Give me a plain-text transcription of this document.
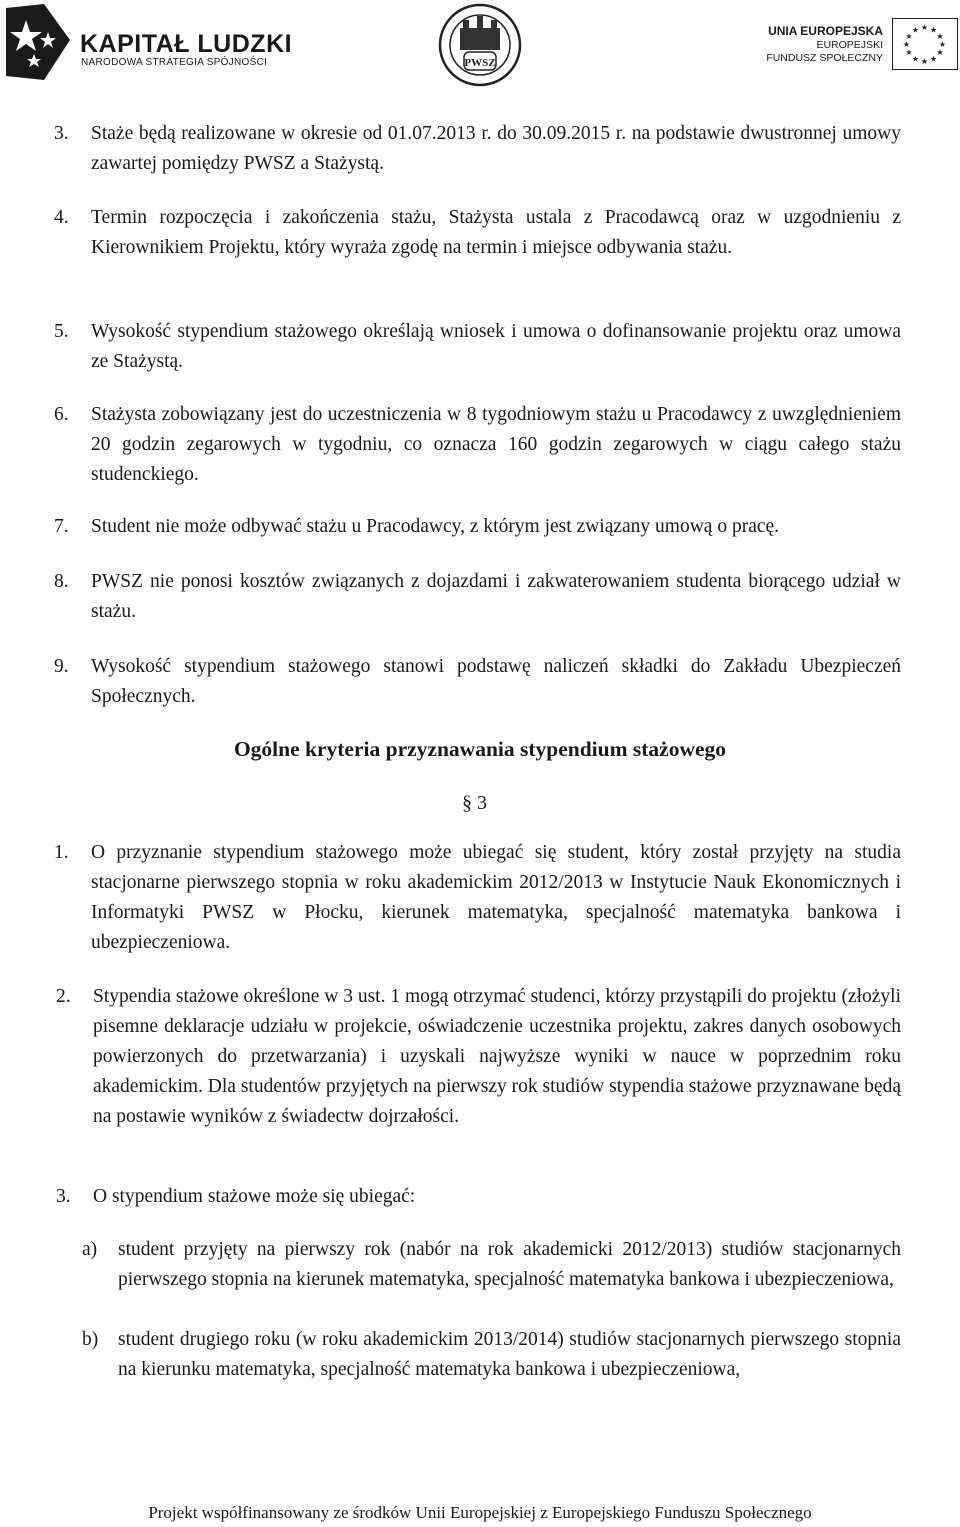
KAPITAŁ LUDZKI
NARODOWA STRATEGIA SPÓJNOŚCI	PWSZ
UNIA EUROPEJSKA
EUROPEJSKI
FUNDUSZ SPOŁECZNY
★ ★
★
★
★
★
★
★
★
★
★
★
3. Staże będą realizowane w okresie od 01.07.2013 r. do 30.09.2015 r. na podstawie dwustronnej umowy zawartej pomiędzy PWSZ a Stażystą.
4. Termin rozpoczęcia i zakończenia stażu, Stażysta ustala z Pracodawcą oraz w uzgodnieniu z Kierownikiem Projektu, który wyraża zgodę na termin i miejsce odbywania stażu.
5. Wysokość stypendium stażowego określają wniosek i umowa o dofinansowanie projektu oraz umowa ze Stażystą.
6. Stażysta zobowiązany jest do uczestniczenia w 8 tygodniowym stażu u Pracodawcy z uwzględnieniem 20 godzin zegarowych w tygodniu, co oznacza 160 godzin zegarowych w ciągu całego stażu studenckiego.
7. Student nie może odbywać stażu u Pracodawcy, z którym jest związany umową o pracę.
8. PWSZ nie ponosi kosztów związanych z dojazdami i zakwaterowaniem studenta biorącego udział w stażu.
9. Wysokość stypendium stażowego stanowi podstawę naliczeń składki do Zakładu Ubezpieczeń Społecznych.
Ogólne kryteria przyznawania stypendium stażowego
§ 3
1. O przyznanie stypendium stażowego może ubiegać się student, który został przyjęty na studia stacjonarne pierwszego stopnia w roku akademickim 2012/2013 w Instytucie Nauk Ekonomicznych i Informatyki PWSZ w Płocku, kierunek matematyka, specjalność matematyka bankowa i ubezpieczeniowa.
2. Stypendia stażowe określone w 3 ust. 1 mogą otrzymać studenci, którzy przystąpili do projektu (złożyli pisemne deklaracje udziału w projekcie, oświadczenie uczestnika projektu, zakres danych osobowych powierzonych do przetwarzania) i uzyskali najwyższe wyniki w nauce w poprzednim roku akademickim. Dla studentów przyjętych na pierwszy rok studiów stypendia stażowe przyznawane będą na postawie wyników z świadectw dojrzałości.
3. O stypendium stażowe może się ubiegać:
a) student przyjęty na pierwszy rok (nabór na rok akademicki 2012/2013) studiów stacjonarnych pierwszego stopnia na kierunek matematyka, specjalność matematyka bankowa i ubezpieczeniowa,
b) student drugiego roku (w roku akademickim 2013/2014) studiów stacjonarnych pierwszego stopnia na kierunku matematyka, specjalność matematyka bankowa i ubezpieczeniowa,
Projekt współfinansowany ze środków Unii Europejskiej z Europejskiego Funduszu Społecznego
